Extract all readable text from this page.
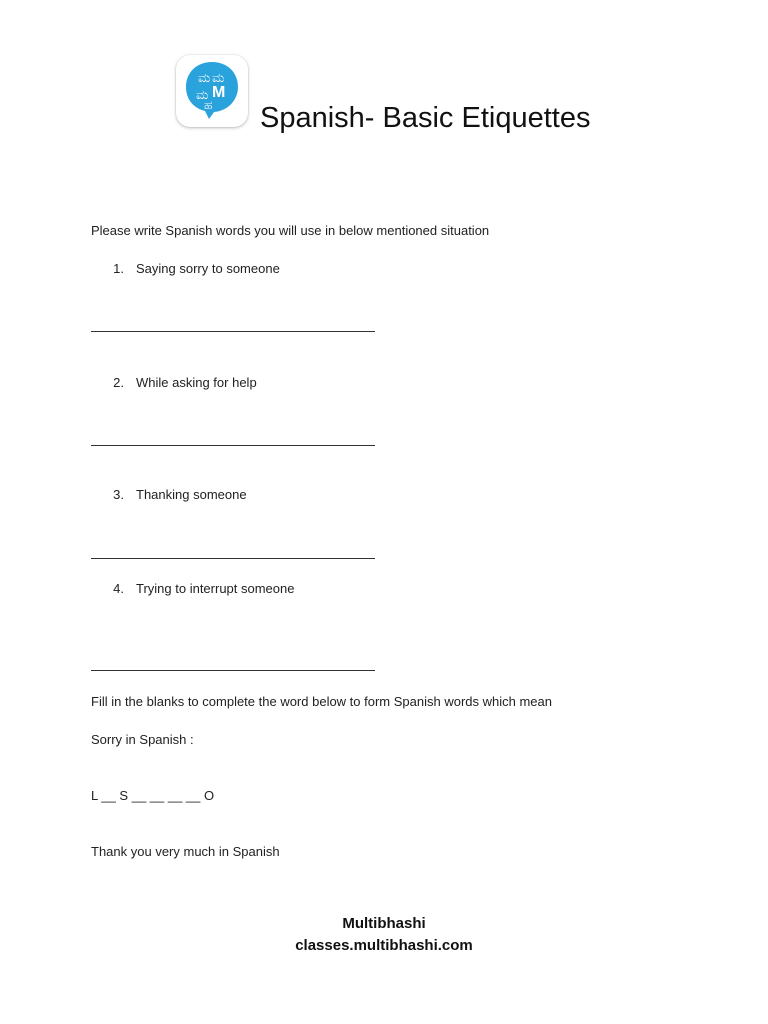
ಮ ಮ
ಮ M
ಹ Spanish- Basic Etiquettes
Please write Spanish words you will use in below mentioned situation
1. Saying sorry to someone
2. While asking for help
3. Thanking someone
4. Trying to interrupt someone
Fill in the blanks to complete the word below to form Spanish words which mean
Sorry in Spanish :
L __ S __ __ __ __ O
Thank you very much in Spanish
Multibhashi
classes.multibhashi.com
